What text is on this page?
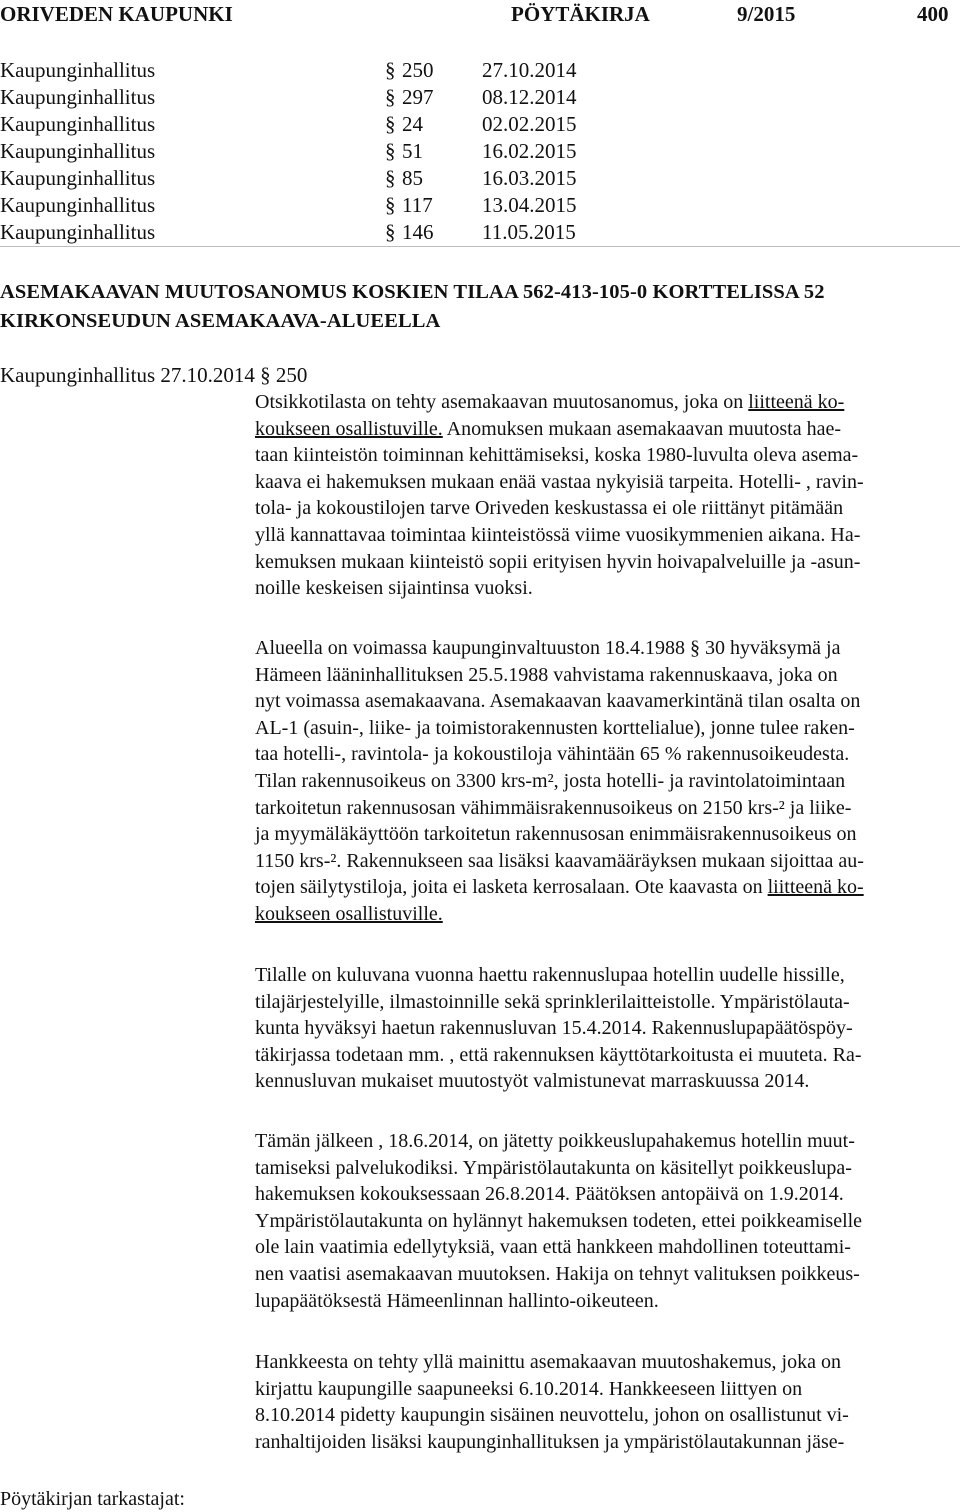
ORIVEDEN KAUPUNKI	PÖYTÄKIRJA	9/2015	400
Kaupunginhallitus	§ 250 27.10.2014
Kaupunginhallitus	§ 297 08.12.2014
Kaupunginhallitus	§ 24	02.02.2015
Kaupunginhallitus	§ 51	16.02.2015
Kaupunginhallitus	§ 85	16.03.2015
Kaupunginhallitus	§ 117 13.04.2015
Kaupunginhallitus	§ 146 11.05.2015
ASEMAKAAVAN MUUTOSANOMUS KOSKIEN TILAA 562-413-105-0 KORTTELISSA 52
KIRKONSEUDUN ASEMAKAAVA-ALUEELLA
Kaupunginhallitus 27.10.2014 § 250
Otsikkotilasta on tehty asemakaavan muutosanomus, joka on liitteenä ko-
koukseen osallistuville. Anomuksen mukaan asemakaavan muutosta hae-
taan kiinteistön toiminnan kehittämiseksi, koska 1980-luvulta oleva asema-
kaava ei hakemuksen mukaan enää vastaa nykyisiä tarpeita. Hotelli- , ravin-
tola- ja kokoustilojen tarve Oriveden keskustassa ei ole riittänyt pitämään
yllä kannattavaa toimintaa kiinteistössä viime vuosikymmenien aikana. Ha-
kemuksen mukaan kiinteistö sopii erityisen hyvin hoivapalveluille ja -asun-
noille keskeisen sijaintinsa vuoksi.
Alueella on voimassa kaupunginvaltuuston 18.4.1988 § 30 hyväksymä ja
Hämeen lääninhallituksen 25.5.1988 vahvistama rakennuskaava, joka on
nyt voimassa asemakaavana. Asemakaavan kaavamerkintänä tilan osalta on
AL-1 (asuin-, liike- ja toimistorakennusten korttelialue), jonne tulee raken-
taa hotelli-, ravintola- ja kokoustiloja vähintään 65 % rakennusoikeudesta.
Tilan rakennusoikeus on 3300 krs-m², josta hotelli- ja ravintolatoimintaan
tarkoitetun rakennusosan vähimmäisrakennusoikeus on 2150 krs-² ja liike-
ja myymäläkäyttöön tarkoitetun rakennusosan enimmäisrakennusoikeus on
1150 krs-². Rakennukseen saa lisäksi kaavamääräyksen mukaan sijoittaa au-
tojen säilytystiloja, joita ei lasketa kerrosalaan. Ote kaavasta on liitteenä ko-
koukseen osallistuville.
Tilalle on kuluvana vuonna haettu rakennuslupaa hotellin uudelle hissille,
tilajärjestelyille, ilmastoinnille sekä sprinklerilaitteistolle. Ympäristölauta-
kunta hyväksyi haetun rakennusluvan 15.4.2014. Rakennuslupapäätöspöy-
täkirjassa todetaan mm. , että rakennuksen käyttötarkoitusta ei muuteta. Ra-
kennusluvan mukaiset muutostyöt valmistunevat marraskuussa 2014.
Tämän jälkeen , 18.6.2014, on jätetty poikkeuslupahakemus hotellin muut-
tamiseksi palvelukodiksi. Ympäristölautakunta on käsitellyt poikkeuslupa-
hakemuksen kokouksessaan 26.8.2014. Päätöksen antopäivä on 1.9.2014.
Ympäristölautakunta on hylännyt hakemuksen todeten, ettei poikkeamiselle
ole lain vaatimia edellytyksiä, vaan että hankkeen mahdollinen toteuttami-
nen vaatisi asemakaavan muutoksen. Hakija on tehnyt valituksen poikkeus-
lupapäätöksestä Hämeenlinnan hallinto-oikeuteen.
Hankkeesta on tehty yllä mainittu asemakaavan muutoshakemus, joka on
kirjattu kaupungille saapuneeksi 6.10.2014. Hankkeeseen liittyen on
8.10.2014 pidetty kaupungin sisäinen neuvottelu, johon on osallistunut vi-
ranhaltijoiden lisäksi kaupunginhallituksen ja ympäristölautakunnan jäse-
Pöytäkirjan tarkastajat:
